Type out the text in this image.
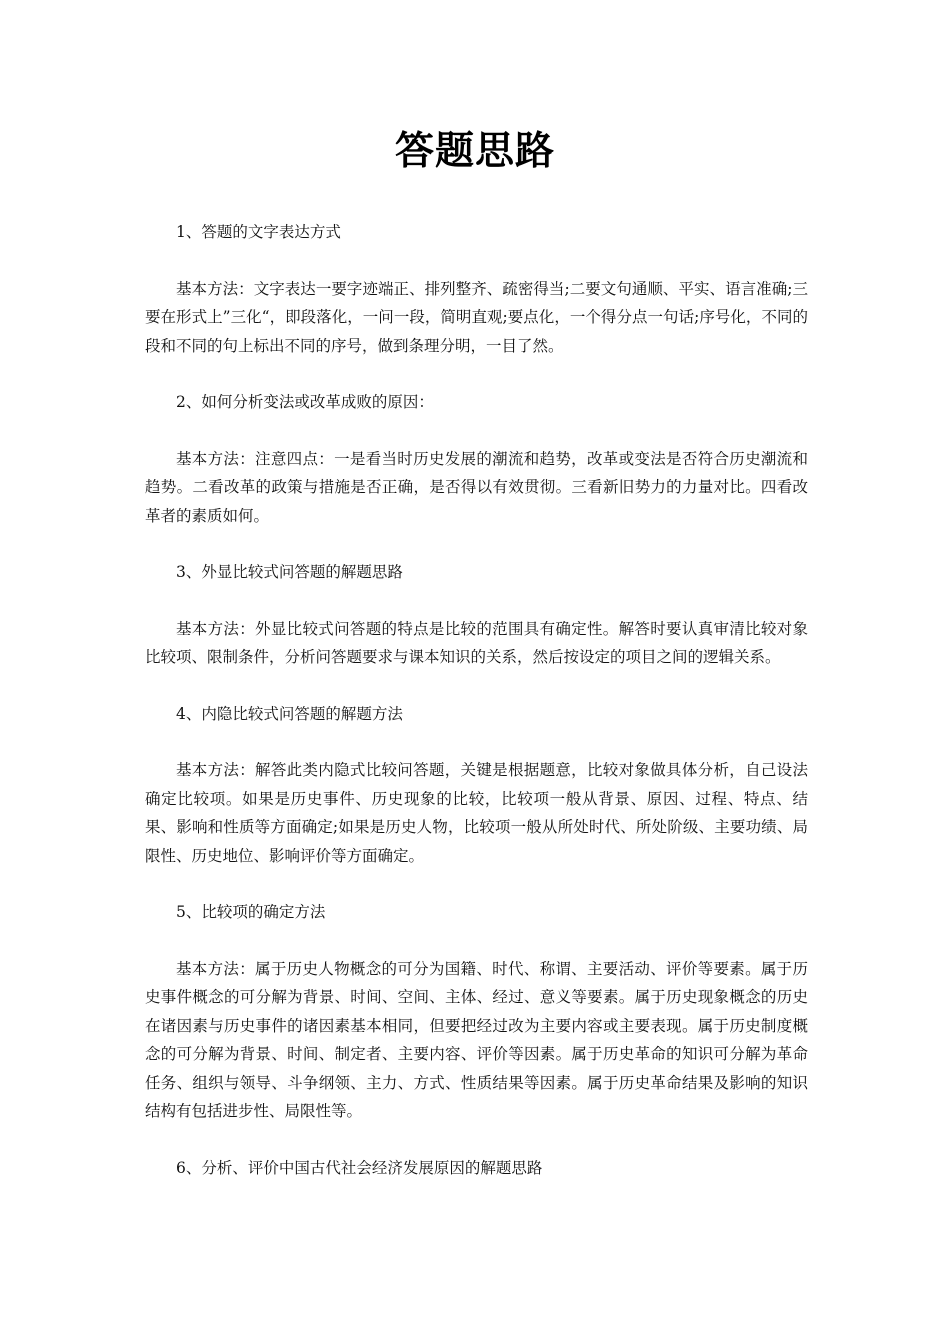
答题思路

1、答题的文字表达方式

基本方法：文字表达一要字迹端正、排列整齐、疏密得当;二要文句通顺、平实、语言准确;三要在形式上”三化“，即段落化，一问一段，简明直观;要点化，一个得分点一句话;序号化，不同的段和不同的句上标出不同的序号，做到条理分明，一目了然。

2、如何分析变法或改革成败的原因：

基本方法：注意四点：一是看当时历史发展的潮流和趋势，改革或变法是否符合历史潮流和趋势。二看改革的政策与措施是否正确，是否得以有效贯彻。三看新旧势力的力量对比。四看改革者的素质如何。

3、外显比较式问答题的解题思路

基本方法：外显比较式问答题的特点是比较的范围具有确定性。解答时要认真审清比较对象比较项、限制条件，分析问答题要求与课本知识的关系，然后按设定的项目之间的逻辑关系。

4、内隐比较式问答题的解题方法

基本方法：解答此类内隐式比较问答题，关键是根据题意，比较对象做具体分析，自己设法确定比较项。如果是历史事件、历史现象的比较，比较项一般从背景、原因、过程、特点、结果、影响和性质等方面确定;如果是历史人物，比较项一般从所处时代、所处阶级、主要功绩、局限性、历史地位、影响评价等方面确定。

5、比较项的确定方法

基本方法：属于历史人物概念的可分为国籍、时代、称谓、主要活动、评价等要素。属于历史事件概念的可分解为背景、时间、空间、主体、经过、意义等要素。属于历史现象概念的历史在诸因素与历史事件的诸因素基本相同，但要把经过改为主要内容或主要表现。属于历史制度概念的可分解为背景、时间、制定者、主要内容、评价等因素。属于历史革命的知识可分解为革命任务、组织与领导、斗争纲领、主力、方式、性质结果等因素。属于历史革命结果及影响的知识结构有包括进步性、局限性等。

6、分析、评价中国古代社会经济发展原因的解题思路
